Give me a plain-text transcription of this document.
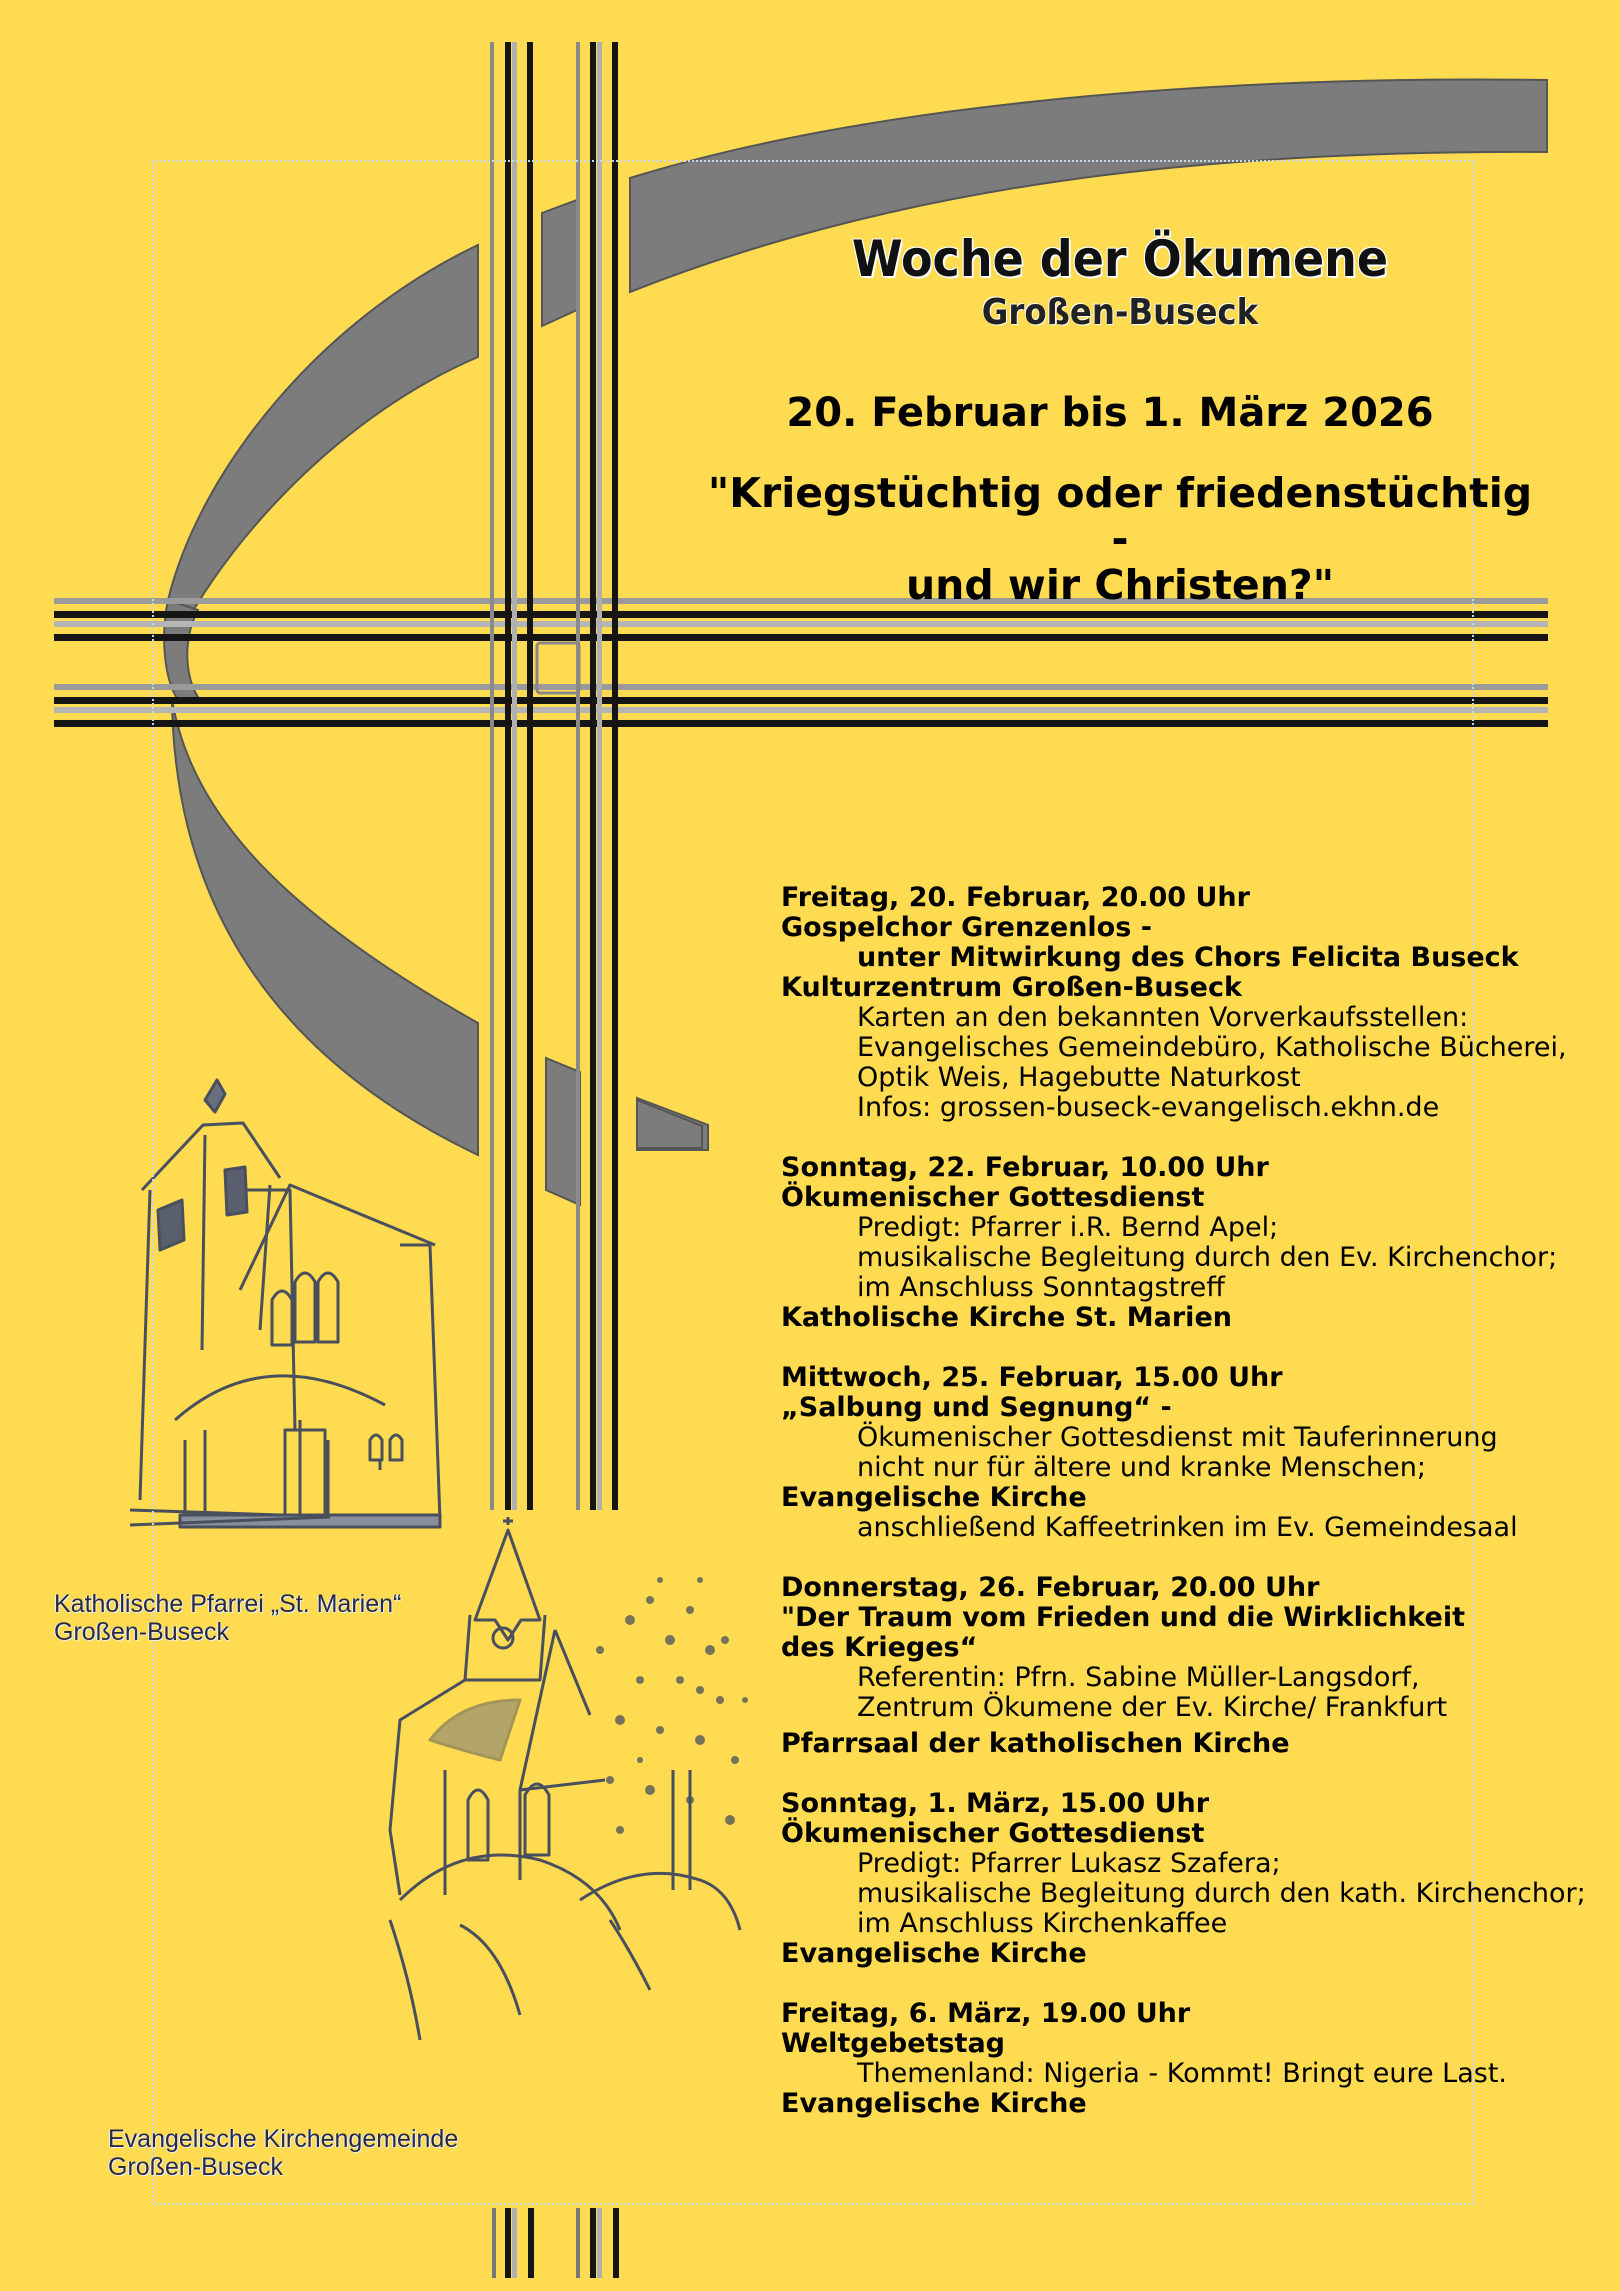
Woche der Ökumene
Großen-Buseck
20. Februar bis 1. März 2026
"Kriegstüchtig oder friedenstüchtig -
und wir Christen?"
Freitag, 20. Februar, 20.00 Uhr
Gospelchor Grenzenlos -
unter Mitwirkung des Chors Felicita Buseck
Kulturzentrum Großen-Buseck
Karten an den bekannten Vorverkaufsstellen:
Evangelisches Gemeindebüro, Katholische Bücherei,
Optik Weis, Hagebutte Naturkost
Infos: grossen-buseck-evangelisch.ekhn.de
Sonntag, 22. Februar, 10.00 Uhr
Ökumenischer Gottesdienst
Predigt: Pfarrer i.R. Bernd Apel;
musikalische Begleitung durch den Ev. Kirchenchor;
im Anschluss Sonntagstreff
Katholische Kirche St. Marien
Mittwoch, 25. Februar, 15.00 Uhr
„Salbung und Segnung“ -
Ökumenischer Gottesdienst mit Tauferinnerung
nicht nur für ältere und kranke Menschen;
Evangelische Kirche
anschließend Kaffeetrinken im Ev. Gemeindesaal
Donnerstag, 26. Februar, 20.00 Uhr
"Der Traum vom Frieden und die Wirklichkeit
des Krieges“
Referentin: Pfrn. Sabine Müller-Langsdorf,
Zentrum Ökumene der Ev. Kirche/ Frankfurt
Pfarrsaal der katholischen Kirche
Sonntag, 1. März, 15.00 Uhr
Ökumenischer Gottesdienst
Predigt: Pfarrer Lukasz Szafera;
musikalische Begleitung durch den kath. Kirchenchor;
im Anschluss Kirchenkaffee
Evangelische Kirche
Freitag, 6. März, 19.00 Uhr
Weltgebetstag
Themenland: Nigeria - Kommt! Bringt eure Last.
Evangelische Kirche
Katholische Pfarrei „St. Marien“
Großen-Buseck
Evangelische Kirchengemeinde
Großen-Buseck
